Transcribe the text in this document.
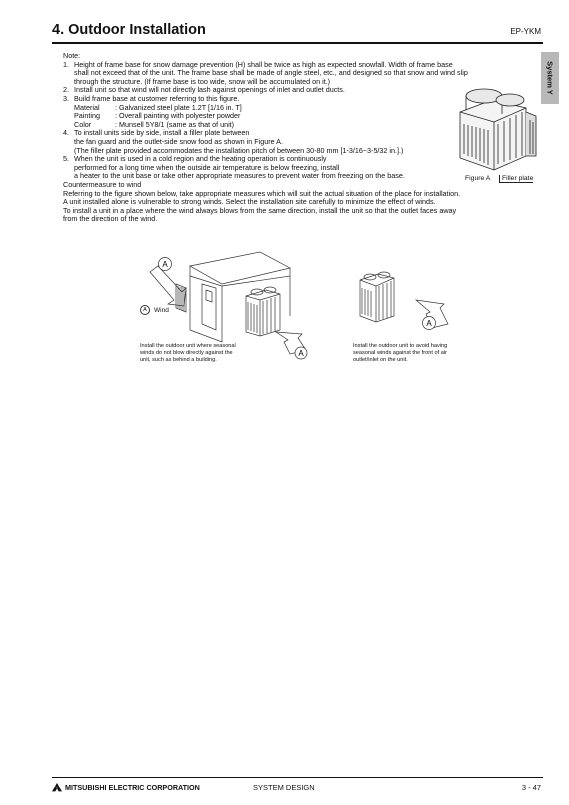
4. Outdoor Installation	EP-YKM
System Y

Note:

1. Height of frame base for snow damage prevention (H) shall be twice as high as expected snowfall. Width of frame base

shall not exceed that of the unit. The frame base shall be made of angle steel, etc., and designed so that snow and wind slip

through the structure. (If frame base is too wide, snow will be accumulated on it.)

2. Install unit so that wind will not directly lash against openings of inlet and outlet ducts.

3. Build frame base at customer referring to this figure.

Material	: Galvanized steel plate 1.2T [1/16 in. T]
Painting	: Overall painting with polyester powder
Color	: Munsell 5Y8/1 (same as that of unit)
4. To install units side by side, install a filler plate between

the fan guard and the outlet-side snow food as shown in Figure A.

(The filler plate provided accommodates the installation pitch of between 30-80 mm [1-3/16~3-5/32 in.].)

5. When the unit is used in a cold region and the heating operation is continuously

performed for a long time when the outside air temperature is below freezing, install

a heater to the unit base or take other appropriate measures to prevent water from freezing on the base.

Countermeasure to wind

Referring to the figure shown below, take appropriate measures which will suit the actual situation of the place for installation.

A unit installed alone is vulnerable to strong winds. Select the installation site carefully to minimize the effect of winds.

To install a unit in a place where the wind always blows from the same direction, install the unit so that the outlet faces away

from the direction of the wind.

Figure A	Filler plate
A
A	Wind
A
Install the outdoor unit where seasonal
winds do not blow directly against the
unit, such as behind a building.
A
Install the outdoor unit to avoid having
seasonal winds against the front of air
outlet/inlet on the unit.
MITSUBISHI ELECTRIC CORPORATION	SYSTEM DESIGN	3 - 47
